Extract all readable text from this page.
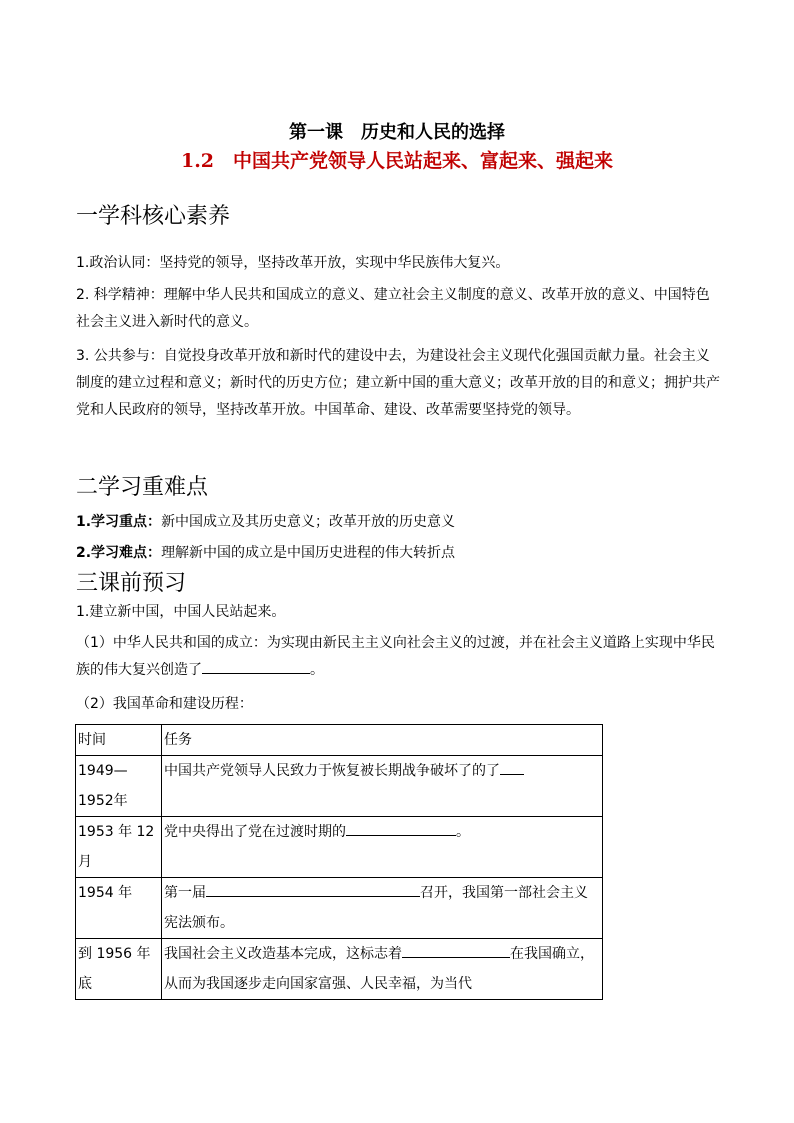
第一课　历史和人民的选择
1.2　中国共产党领导人民站起来、富起来、强起来
一学科核心素养
1.政治认同：坚持党的领导，坚持改革开放，实现中华民族伟大复兴。
2. 科学精神：理解中华人民共和国成立的意义、建立社会主义制度的意义、改革开放的意义、中国特色社会主义进入新时代的意义。
3. 公共参与：自觉投身改革开放和新时代的建设中去，为建设社会主义现代化强国贡献力量。社会主义制度的建立过程和意义；新时代的历史方位；建立新中国的重大意义；改革开放的目的和意义；拥护共产党和人民政府的领导，坚持改革开放。中国革命、建设、改革需要坚持党的领导。
二学习重难点
1.学习重点：新中国成立及其历史意义；改革开放的历史意义
2.学习难点：理解新中国的成立是中国历史进程的伟大转折点
三课前预习
1.建立新中国，中国人民站起来。
（1）中华人民共和国的成立：为实现由新民主主义向社会主义的过渡，并在社会主义道路上实现中华民族的伟大复兴创造了	。
（2）我国革命和建设历程：
时间	任务
1949—1952年	中国共产党领导人民致力于恢复被长期战争破坏了的了
1953 年 12 月	党中央得出了党在过渡时期的 。
1954 年	第一届 召开，我国第一部社会主义宪法颁布。
到 1956 年底	我国社会主义改造基本完成，这标志着 在我国确立，从而为我国逐步走向国家富强、人民幸福，为当代
